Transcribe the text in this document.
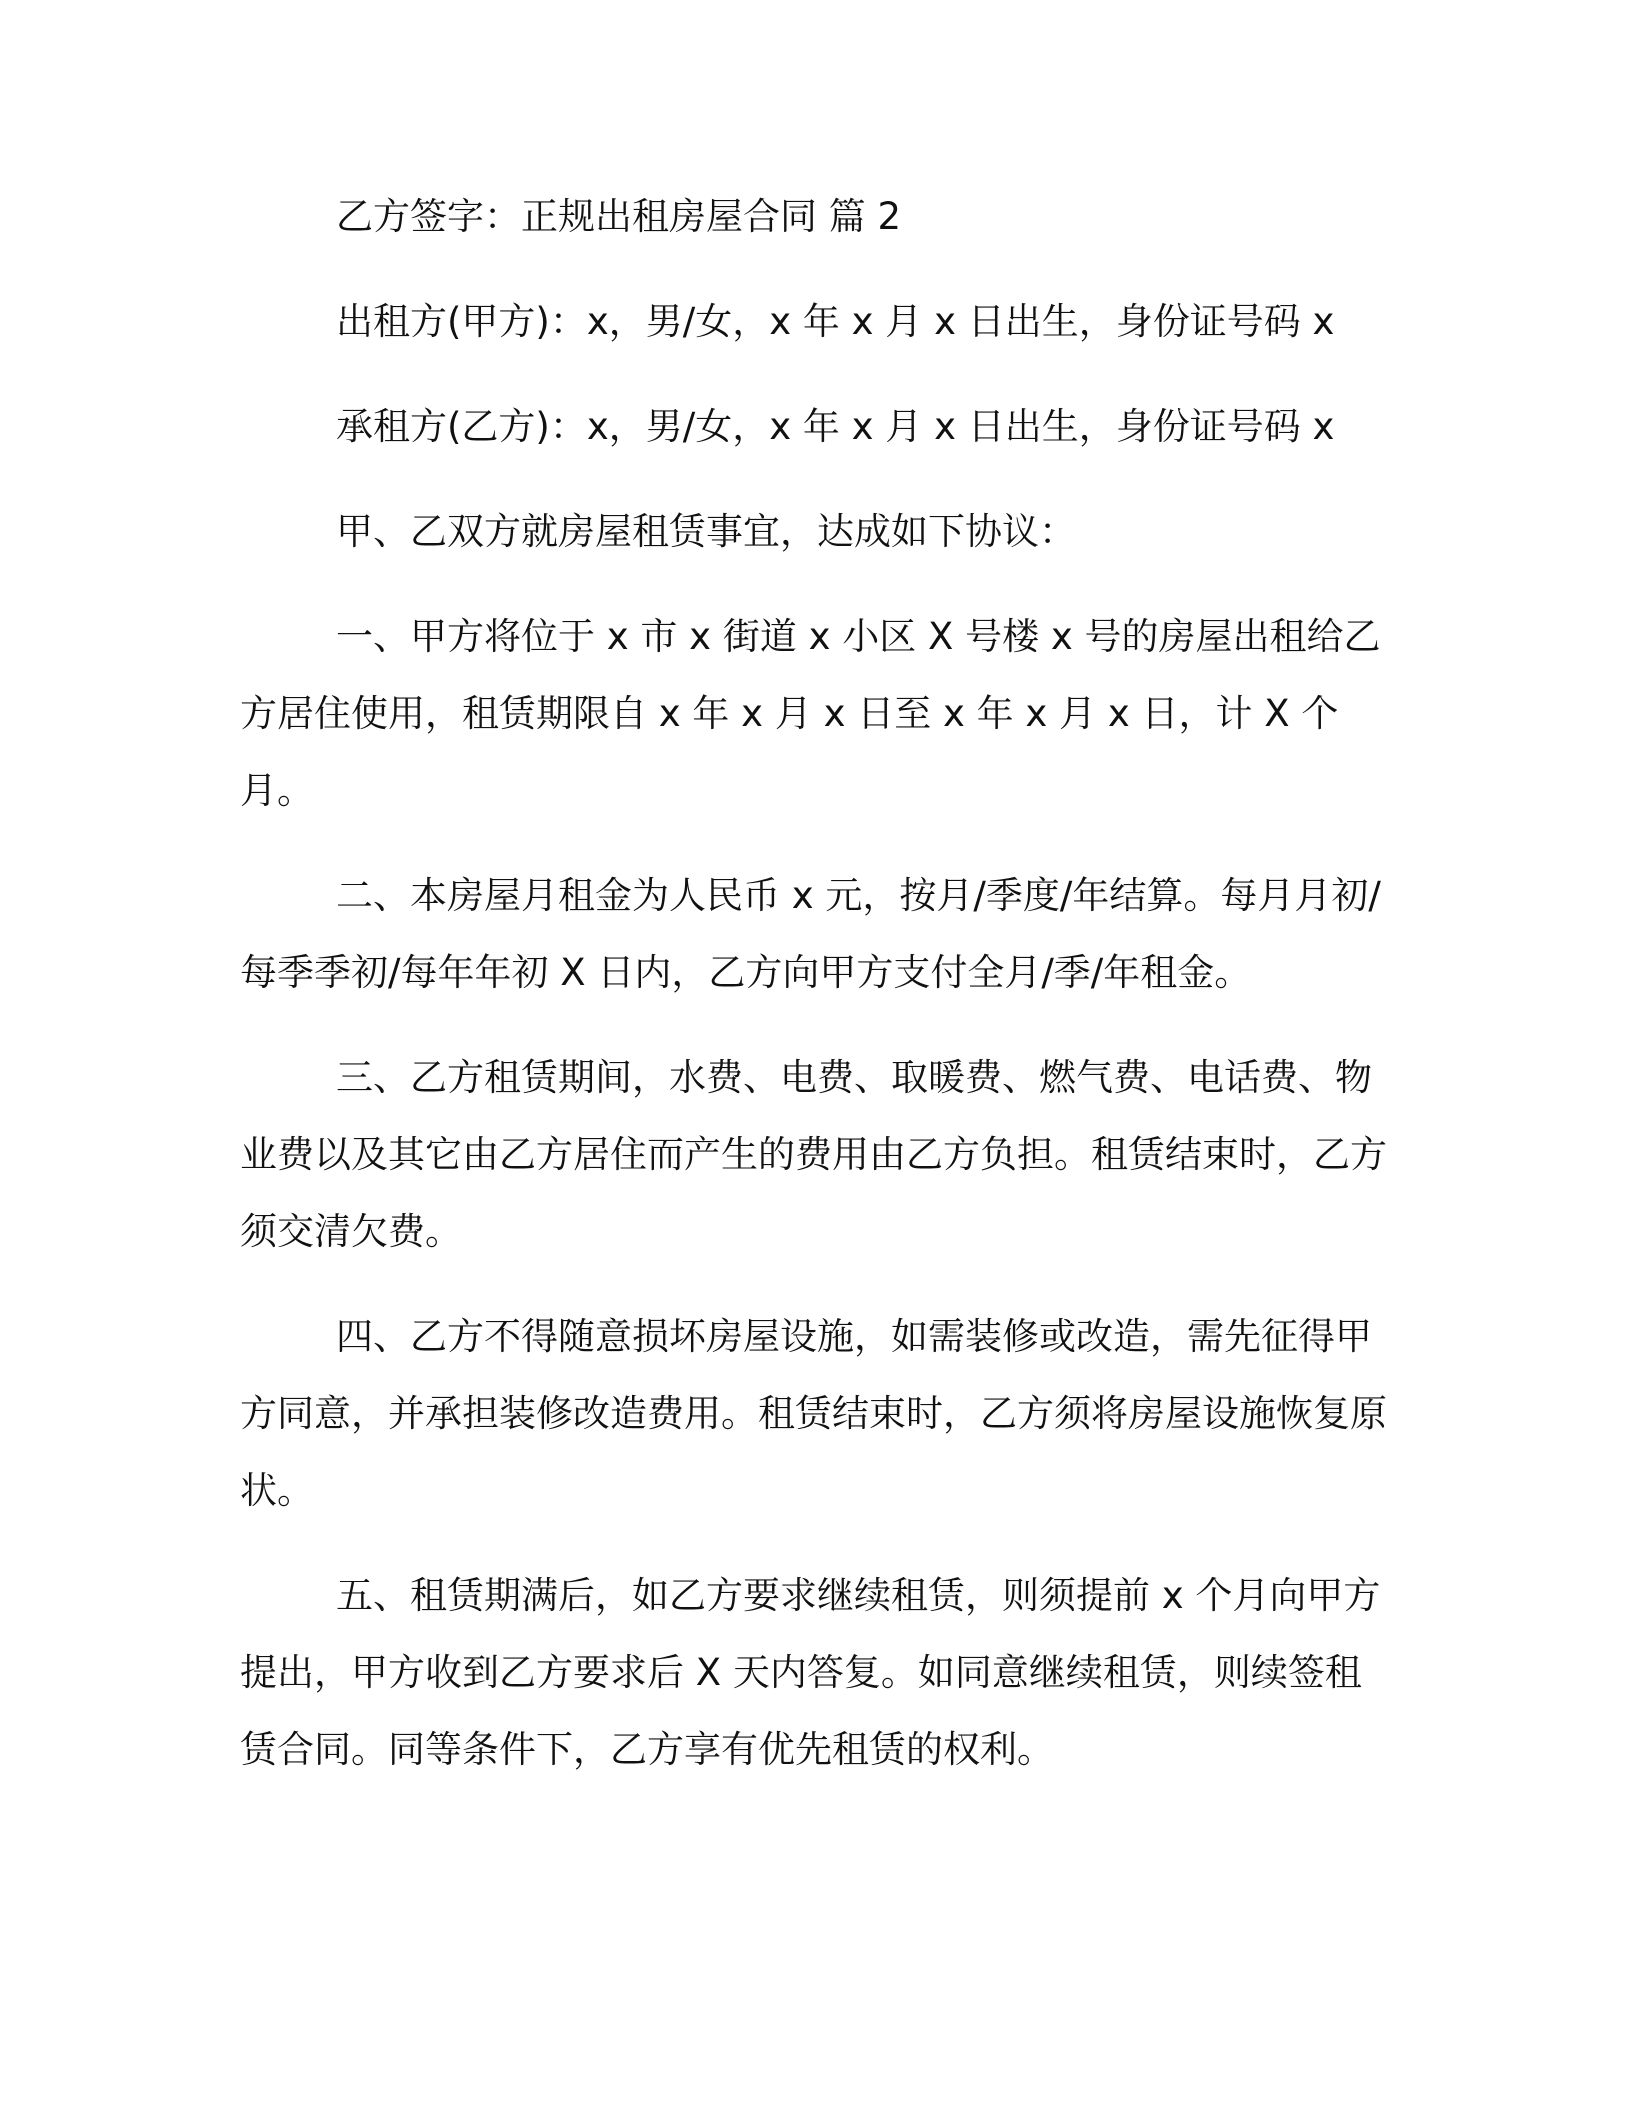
乙方签字：正规出租房屋合同 篇 2

出租方(甲方)：x，男/女，x 年 x 月 x 日出生，身份证号码 x

承租方(乙方)：x，男/女，x 年 x 月 x 日出生，身份证号码 x

甲、乙双方就房屋租赁事宜，达成如下协议：

一、甲方将位于 x 市 x 街道 x 小区 X 号楼 x 号的房屋出租给乙方居住使用，租赁期限自 x 年 x 月 x 日至 x 年 x 月 x 日，计 X 个月。

二、本房屋月租金为人民币 x 元，按月/季度/年结算。每月月初/每季季初/每年年初 X 日内，乙方向甲方支付全月/季/年租金。

三、乙方租赁期间，水费、电费、取暖费、燃气费、电话费、物业费以及其它由乙方居住而产生的费用由乙方负担。租赁结束时，乙方须交清欠费。

四、乙方不得随意损坏房屋设施，如需装修或改造，需先征得甲方同意，并承担装修改造费用。租赁结束时，乙方须将房屋设施恢复原状。

五、租赁期满后，如乙方要求继续租赁，则须提前 x 个月向甲方提出，甲方收到乙方要求后 X 天内答复。如同意继续租赁，则续签租赁合同。同等条件下，乙方享有优先租赁的权利。
